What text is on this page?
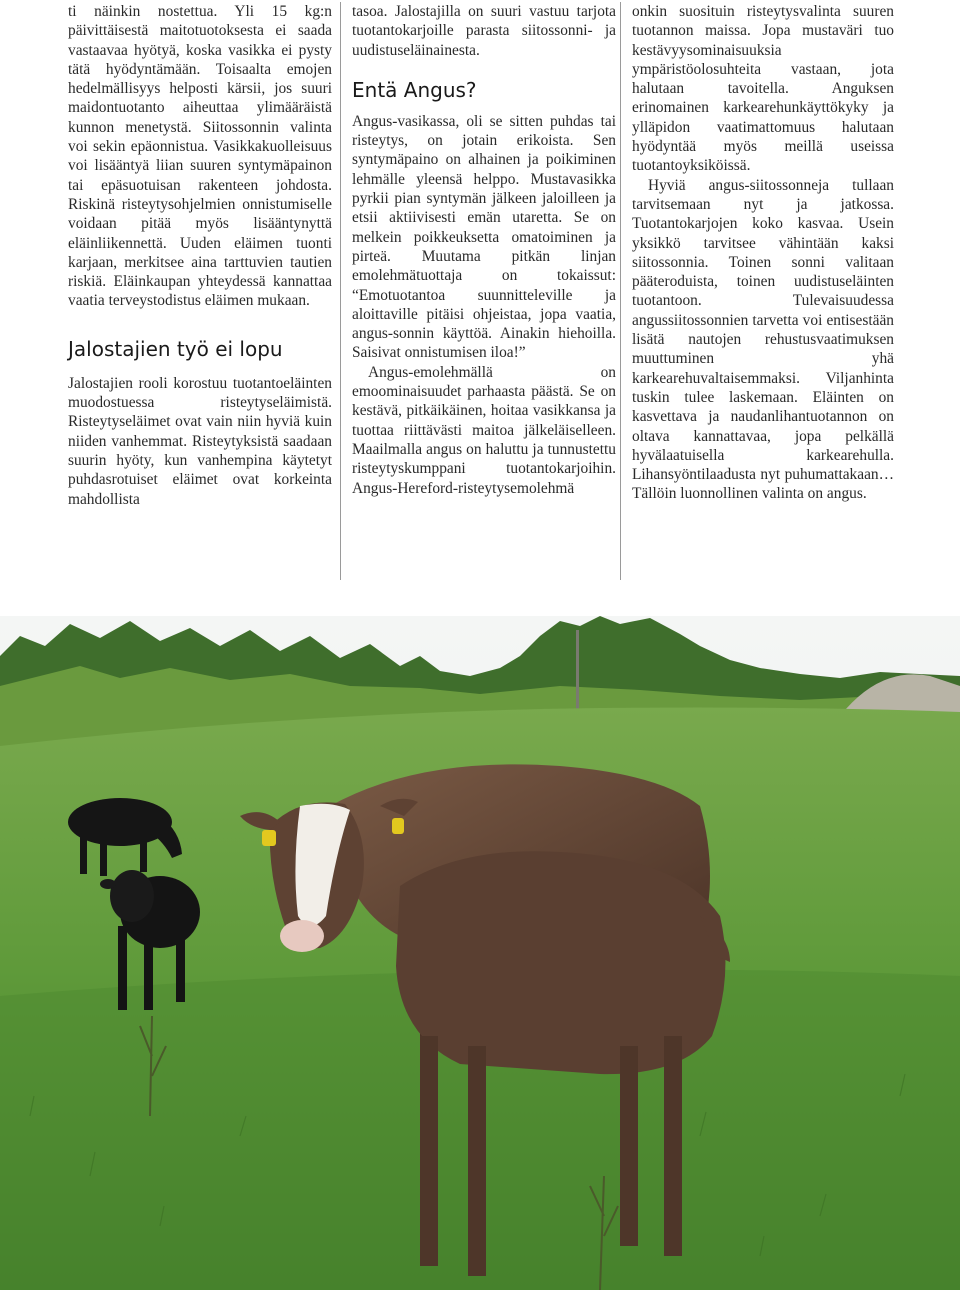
ti näinkin nostettua. Yli 15 kg:n päivittäisestä maitotuotoksesta ei saada vastaavaa hyötyä, koska vasikka ei pysty tätä hyödyntämään. Toisaalta emojen hedelmällisyys helposti kärsii, jos suuri maidontuotanto aiheuttaa ylimääräistä kunnon menetystä. Siitossonnin valinta voi sekin epäonnistua. Vasikkakuolleisuus voi lisääntyä liian suuren syntymäpainon tai epäsuotuisan rakenteen johdosta. Riskinä risteytysohjelmien onnistumiselle voidaan pitää myös lisääntynyttä eläinliikennettä. Uuden eläimen tuonti karjaan, merkitsee aina tarttuvien tautien riskiä. Eläinkaupan yhteydessä kannattaa vaatia terveystodistus eläimen mukaan.

Jalostajien työ ei lopu

Jalostajien rooli korostuu tuotantoeläinten muodostuessa risteytyseläimistä. Risteytyseläimet ovat vain niin hyviä kuin niiden vanhemmat. Risteytyksistä saadaan suurin hyöty, kun vanhempina käytetyt puhdasrotuiset eläimet ovat korkeinta mahdollista

tasoa. Jalostajilla on suuri vastuu tarjota tuotantokarjoille parasta siitossonni- ja uudistuseläinainesta.

Entä Angus?

Angus-vasikassa, oli se sitten puhdas tai risteytys, on jotain erikoista. Sen syntymäpaino on alhainen ja poikiminen lehmälle yleensä helppo. Mustavasikka pyrkii pian syntymän jälkeen jaloilleen ja etsii aktiivisesti emän utaretta. Se on melkein poikkeuksetta omatoiminen ja pirteä. Muutama pitkän linjan emolehmätuottaja on tokaissut: “Emotuotantoa suunnitteleville ja aloittaville pitäisi ohjeistaa, jopa vaatia, angus-sonnin käyttöä. Ainakin hiehoilla. Saisivat onnistumisen iloa!”

Angus-emolehmällä on emoominaisuudet parhaasta päästä. Se on kestävä, pitkäikäinen, hoitaa vasikkansa ja tuottaa riittävästi maitoa jälkeläiselleen. Maailmalla angus on haluttu ja tunnustettu risteytyskumppani tuotantokarjoihin. Angus-Hereford-risteytysemolehmä

onkin suosituin risteytysvalinta suuren tuotannon maissa. Jopa mustaväri tuo kestävyysominaisuuksia ympäristöolosuhteita vastaan, jota halutaan tavoitella. Anguksen erinomainen karkearehunkäyttökyky ja ylläpidon vaatimattomuus halutaan hyödyntää myös meillä useissa tuotantoyksiköissä.

Hyviä angus-siitossonneja tullaan tarvitsemaan nyt ja jatkossa. Tuotantokarjojen koko kasvaa. Usein yksikkö tarvitsee vähintään kaksi siitossonnia. Toinen sonni valitaan pääteroduista, toinen uudistuseläinten tuotantoon. Tulevaisuudessa angussiitossonnien tarvetta voi entisestään lisätä nautojen rehustusvaatimuksen muuttuminen yhä karkearehuvaltaisemmaksi. Viljanhinta tuskin tulee laskemaan. Eläinten on kasvettava ja naudanlihantuotannon on oltava kannattavaa, jopa pelkällä hyvälaatuisella karkearehulla. Lihansyöntilaadusta nyt puhumattakaan…Tällöin luonnollinen valinta on angus.
